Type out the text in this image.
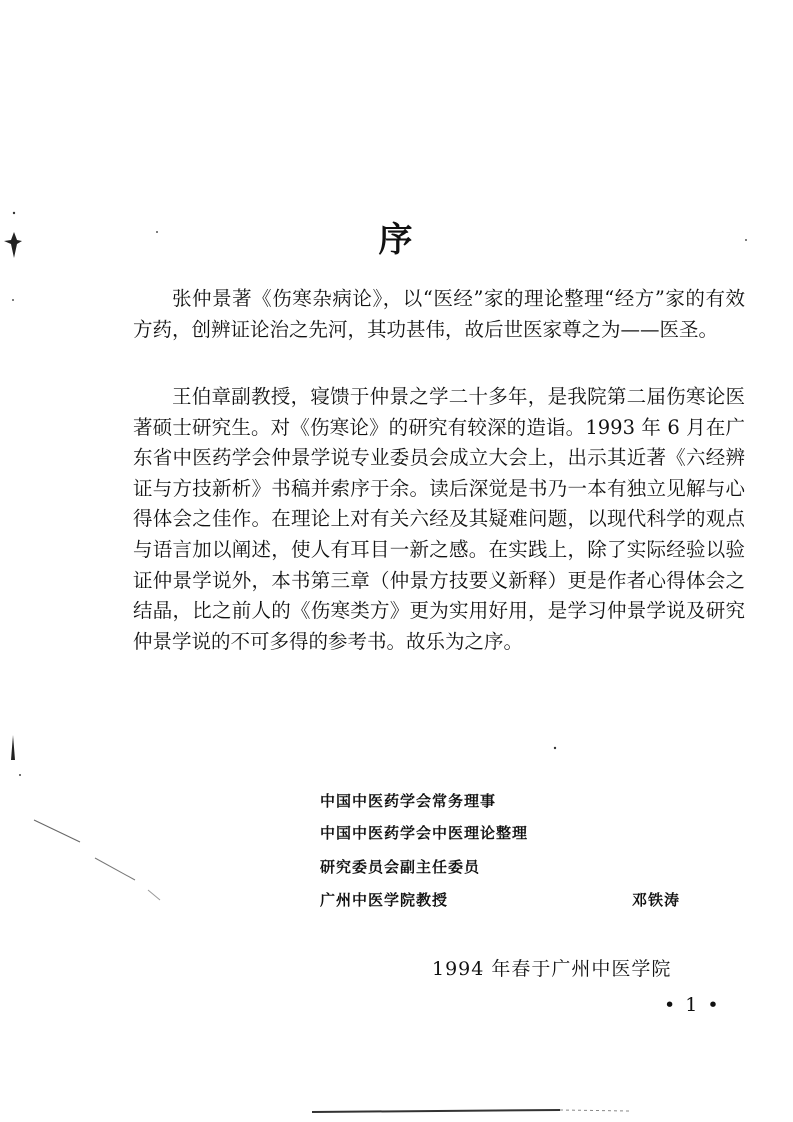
序

张仲景著《伤寒杂病论》，以“医经”家的理论整理“经方”家的有效方药，创辨证论治之先河，其功甚伟，故后世医家尊之为——医圣。

王伯章副教授，寝馈于仲景之学二十多年，是我院第二届伤寒论医著硕士研究生。对《伤寒论》的研究有较深的造诣。1993 年 6 月在广东省中医药学会仲景学说专业委员会成立大会上，出示其近著《六经辨证与方技新析》书稿并索序于余。读后深觉是书乃一本有独立见解与心得体会之佳作。在理论上对有关六经及其疑难问题，以现代科学的观点与语言加以阐述，使人有耳目一新之感。在实践上，除了实际经验以验证仲景学说外，本书第三章（仲景方技要义新释）更是作者心得体会之结晶，比之前人的《伤寒类方》更为实用好用，是学习仲景学说及研究仲景学说的不可多得的参考书。故乐为之序。

中国中医药学会常务理事
中国中医药学会中医理论整理
研究委员会副主任委员
广州中医学院教授	邓铁涛
1994 年春于广州中医学院
• 1 •
